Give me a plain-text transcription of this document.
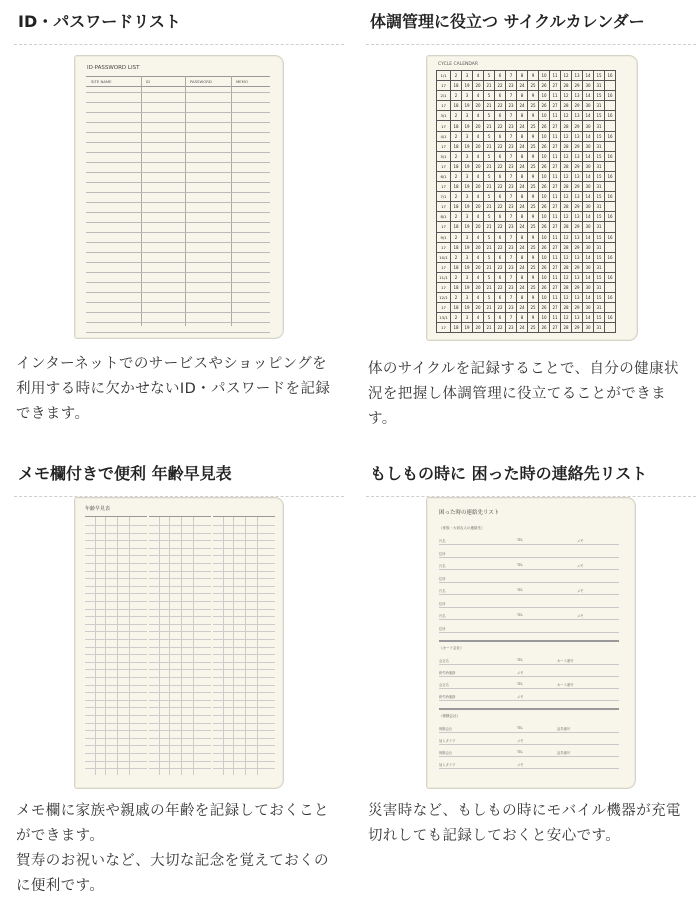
ID・パスワードリスト
ID·PASSWORD LIST
SITE NAME	ID	PASSWORD	MEMO

インターネットでのサービスやショッピングを利用する時に欠かせないID・パスワードを記録できます。

体調管理に役立つ サイクルカレンダー
CYCLE CALENDAR
1/1	2	3	4	5	6	7	8	9	10	11	12	13	14	15	16
17	18	19	20	21	22	23	24	25	26	27	28	29	30	31	
2/1	2	3	4	5	6	7	8	9	10	11	12	13	14	15	16
17	18	19	20	21	22	23	24	25	26	27	28	29	30	31	
3/1	2	3	4	5	6	7	8	9	10	11	12	13	14	15	16
17	18	19	20	21	22	23	24	25	26	27	28	29	30	31	
4/1	2	3	4	5	6	7	8	9	10	11	12	13	14	15	16
17	18	19	20	21	22	23	24	25	26	27	28	29	30	31	
5/1	2	3	4	5	6	7	8	9	10	11	12	13	14	15	16
17	18	19	20	21	22	23	24	25	26	27	28	29	30	31	
6/1	2	3	4	5	6	7	8	9	10	11	12	13	14	15	16
17	18	19	20	21	22	23	24	25	26	27	28	29	30	31	
7/1	2	3	4	5	6	7	8	9	10	11	12	13	14	15	16
17	18	19	20	21	22	23	24	25	26	27	28	29	30	31	
8/1	2	3	4	5	6	7	8	9	10	11	12	13	14	15	16
17	18	19	20	21	22	23	24	25	26	27	28	29	30	31	
9/1	2	3	4	5	6	7	8	9	10	11	12	13	14	15	16
17	18	19	20	21	22	23	24	25	26	27	28	29	30	31	
10/1	2	3	4	5	6	7	8	9	10	11	12	13	14	15	16
17	18	19	20	21	22	23	24	25	26	27	28	29	30	31	
11/1	2	3	4	5	6	7	8	9	10	11	12	13	14	15	16
17	18	19	20	21	22	23	24	25	26	27	28	29	30	31	
12/1	2	3	4	5	6	7	8	9	10	11	12	13	14	15	16
17	18	19	20	21	22	23	24	25	26	27	28	29	30	31	
13/1	2	3	4	5	6	7	8	9	10	11	12	13	14	15	16
17	18	19	20	21	22	23	24	25	26	27	28	29	30	31	

体のサイクルを記録することで、自分の健康状況を把握し体調管理に役立てることができます。

メモ欄付きで便利 年齢早見表
年齢早見表

メモ欄に家族や親戚の年齢を記録しておくことができます。

賀寿のお祝いなど、大切な記念を覚えておくのに便利です。

もしもの時に 困った時の連絡先リスト
困った時の連絡先リスト
《家族・大切な人の連絡先》
氏名	TEL	メモ
住所
氏名	TEL	メモ
住所
氏名	TEL	メモ
住所
氏名	TEL	メモ
住所
《カード会社》
会社名	TEL	カード番号
紛失時連絡	メモ
会社名	TEL	カード番号
紛失時連絡	メモ
《保険会社》
保険会社	TEL	証券番号
加入タイプ	メモ
保険会社	TEL	証券番号
加入タイプ	メモ

災害時など、もしもの時にモバイル機器が充電切れしても記録しておくと安心です。
